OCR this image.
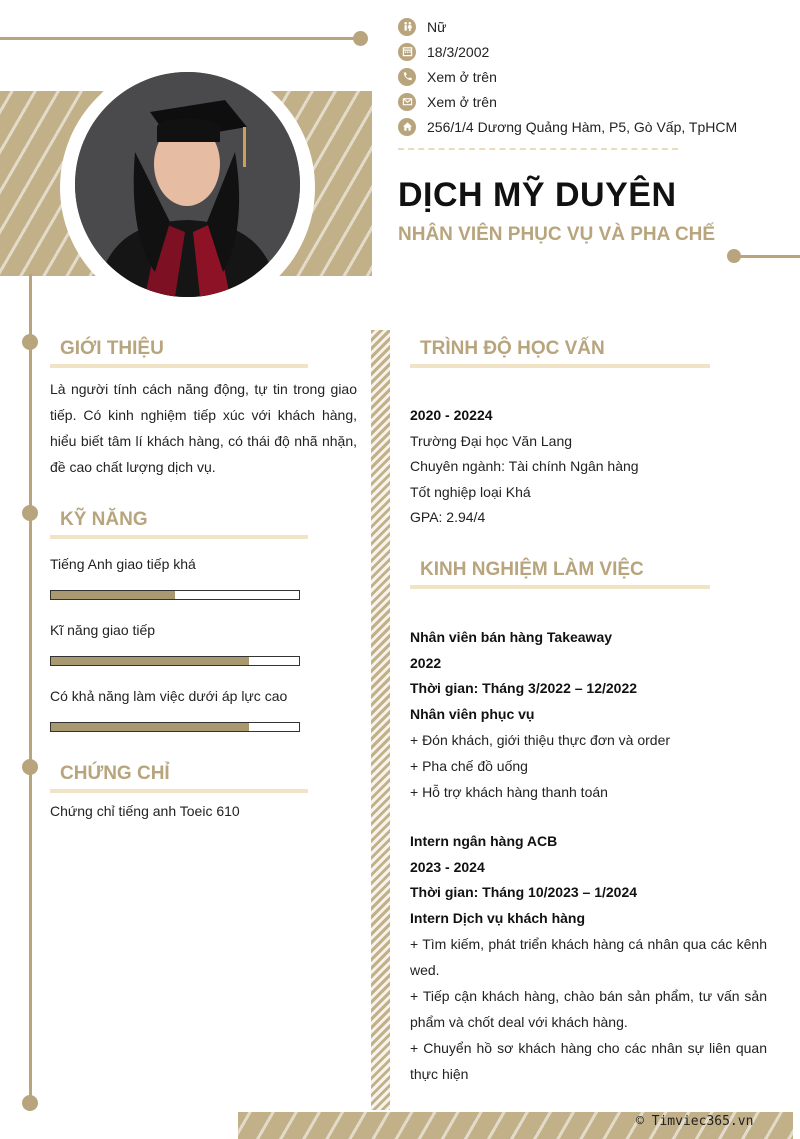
Nữ
18/3/2002
Xem ở trên
Xem ở trên
256/1/4 Dương Quảng Hàm, P5, Gò Vấp, TpHCM
DỊCH MỸ DUYÊN
NHÂN VIÊN PHỤC VỤ VÀ PHA CHẾ
GIỚI THIỆU
Là người tính cách năng động, tự tin trong giao tiếp. Có kinh nghiệm tiếp xúc với khách hàng, hiểu biết tâm lí khách hàng, có thái độ nhã nhặn, đề cao chất lượng dịch vụ.
KỸ NĂNG
Tiếng Anh giao tiếp khá
Kĩ năng giao tiếp
Có khả năng làm việc dưới áp lực cao
CHỨNG CHỈ
Chứng chỉ tiếng anh Toeic 610
TRÌNH ĐỘ HỌC VẤN
2020 - 20224
Trường Đại học Văn Lang
Chuyên ngành: Tài chính Ngân hàng
Tốt nghiệp loại Khá
GPA: 2.94/4
KINH NGHIỆM LÀM VIỆC
Nhân viên bán hàng Takeaway
2022
Thời gian: Tháng 3/2022 – 12/2022
Nhân viên phục vụ
+ Đón khách, giới thiệu thực đơn và order
+ Pha chế đồ uống
+ Hỗ trợ khách hàng thanh toán
Intern ngân hàng ACB
2023 - 2024
Thời gian: Tháng 10/2023 – 1/2024
Intern Dịch vụ khách hàng
+ Tìm kiếm, phát triển khách hàng cá nhân qua các kênh wed.
+ Tiếp cận khách hàng, chào bán sản phẩm, tư vấn sản phẩm và chốt deal với khách hàng.
+ Chuyển hồ sơ khách hàng cho các nhân sự liên quan thực hiện
© Timviec365.vn
